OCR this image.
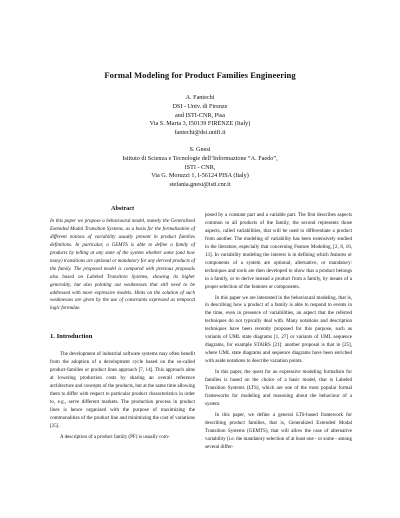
Formal Modeling for Product Families Engineering
A. Fantechi
DSI - Univ. di Firenze
and ISTI-CNR, Pisa
Via S. Marta 3, I50139 FIRENZE (Italy)
fantechi@dsi.unifi.it
S. Gnesi
Istituto di Scienza e Tecnologie dell’Informazione “A. Faedo”,
ISTI - CNR,
Via G. Moruzzi 1, I-56124 PISA (Italy)
stefania.gnesi@isti.cnr.it
Abstract

In this paper we propose a behavioural model, namely the Generalized Extended Modal Transition Systems, as a basis for the formalization of different notions of variability usually present in product families definitions. In particular, a GEMTS is able to define a family of products by telling at any state of the system whether some (and how many) transitions are optional or mandatory for any derived products of the family. The proposed model is compared with previous proposals also based on Labeled Transition Systems, showing its higher generality, but also pointing out weaknesses that still need to be addressed with more expressive models. Hints on the solution of such weaknesses are given by the use of constraints expressed as temporal logic formulae.

1. Introduction

The development of industrial software systems may often benefit from the adoption of a development cycle based on the so-called product-families or product lines approach [7, 14]. This approach aims at lowering production costs by sharing an overall reference architecture and concepts of the products, but at the same time allowing them to differ with respect to particular product characteristics in order to, e.g., serve different markets. The production process in product lines is hence organized with the purpose of maximizing the commonalities of the product line and minimizing the cost of variations [25].

A description of a product family (PF) is usually com-

posed by a constant part and a variable part. The first describes aspects common to all products of the family, the second represents those aspects, called variabilities, that will be used to differentiate a product from another. The modeling of variability has been extensively studied in the literature, especially that concerning Feature Modeling, [2, 8, 16, 13]. In variability modeling the interest is in defining which features or components of a system are optional, alternative, or mandatory: techniques and tools are then developed to show that a product belongs to a family, or to derive instead a product from a family, by means of a proper selection of the features or components.

In this paper we are interested in the behavioural modeling, that is, in describing how a product of a family is able to respond to events in the time, even in presence of variabilities, an aspect that the referred techniques do not typically deal with. Many notations and description techniques have been recently proposed for this purpose, such as variants of UML state diagrams [1, 27] or variants of UML sequence diagrams, for example STAIRS [21]: another proposal is that in [25], where UML state diagrams and sequence diagrams have been enriched with aside notations to describe variation points.

In this paper, the quest for an expressive modeling formalism for families is based on the choice of a basic model, that is Labeled Transition Systems (LTS), which are one of the most popular formal frameworks for modeling and reasoning about the behaviour of a system.

In this paper, we define a general LTS-based framework for describing product families, that is, Generalized Extended Modal Transition Systems (GEMTS), that will allow the case of alternative variability (i.e. the mandatory selection of at least one - or some - among several differ-
